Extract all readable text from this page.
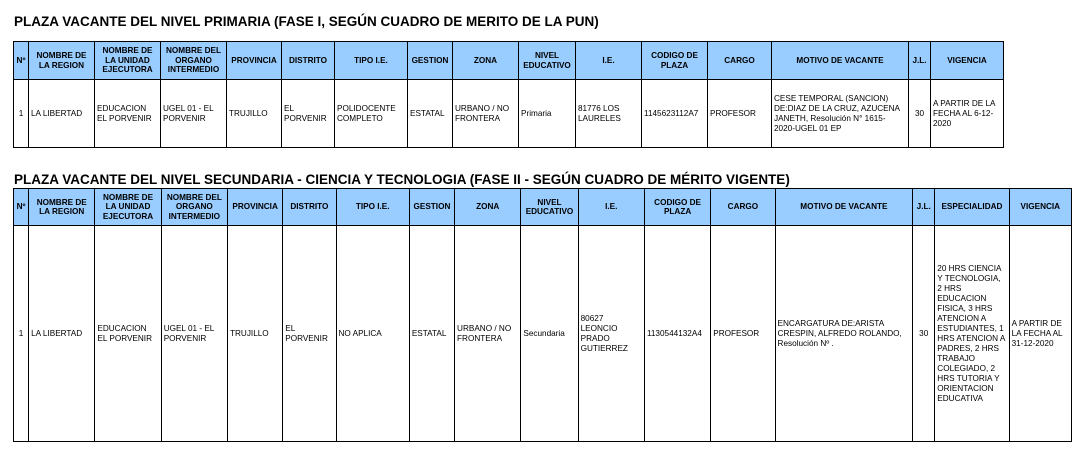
PLAZA VACANTE DEL NIVEL PRIMARIA (FASE I, SEGÚN CUADRO DE MERITO DE LA PUN)
Nº	NOMBRE DE LA REGION	NOMBRE DE LA UNIDAD EJECUTORA	NOMBRE DEL ORGANO INTERMEDIO	PROVINCIA	DISTRITO	TIPO I.E.	GESTION	ZONA	NIVEL EDUCATIVO	I.E.	CODIGO DE PLAZA	CARGO	MOTIVO DE VACANTE	J.L.	VIGENCIA
1	LA LIBERTAD	EDUCACION EL PORVENIR	UGEL 01 - EL PORVENIR	TRUJILLO	EL PORVENIR	POLIDOCENTE COMPLETO	ESTATAL	URBANO / NO FRONTERA	Primaria	81776 LOS LAURELES	1145623112A7	PROFESOR	CESE TEMPORAL (SANCION) DE:DIAZ DE LA CRUZ, AZUCENA JANETH, Resolución N° 1615-2020-UGEL 01 EP	30	A PARTIR DE LA FECHA AL 6-12-2020
PLAZA VACANTE DEL NIVEL SECUNDARIA - CIENCIA Y TECNOLOGIA (FASE II - SEGÚN CUADRO DE MÉRITO VIGENTE)
Nº	NOMBRE DE LA REGION	NOMBRE DE LA UNIDAD EJECUTORA	NOMBRE DEL ORGANO INTERMEDIO	PROVINCIA	DISTRITO	TIPO I.E.	GESTION	ZONA	NIVEL EDUCATIVO	I.E.	CODIGO DE PLAZA	CARGO	MOTIVO DE VACANTE	J.L.	ESPECIALIDAD	VIGENCIA
1	LA LIBERTAD	EDUCACION EL PORVENIR	UGEL 01 - EL PORVENIR	TRUJILLO	EL PORVENIR	NO APLICA	ESTATAL	URBANO / NO FRONTERA	Secundaria	80627 LEONCIO PRADO GUTIERREZ	1130544132A4	PROFESOR	ENCARGATURA DE:ARISTA CRESPIN, ALFREDO ROLANDO, Resolución Nº .	30	20 HRS CIENCIA Y TECNOLOGIA, 2 HRS EDUCACION FISICA, 3 HRS ATENCION A ESTUDIANTES, 1 HRS ATENCION A PADRES, 2 HRS TRABAJO COLEGIADO, 2 HRS TUTORIA Y ORIENTACION EDUCATIVA	A PARTIR DE LA FECHA AL 31-12-2020
